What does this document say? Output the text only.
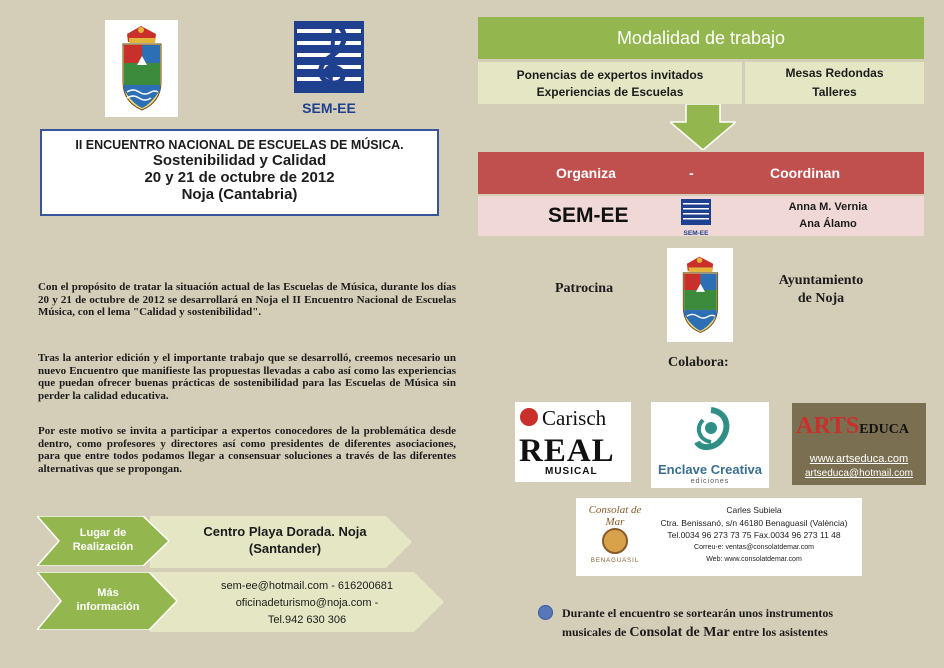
SEM-EE
II ENCUENTRO NACIONAL DE ESCUELAS DE MÚSICA.
Sostenibilidad y Calidad
20 y 21 de octubre de 2012
Noja (Cantabria)
Con el propósito de tratar la situación actual de las Escuelas de Música, durante los días 20 y 21 de octubre de 2012 se desarrollará en Noja el II Encuentro Nacional de Escuelas Música, con el lema "Calidad y sostenibilidad".
Tras la anterior edición y el importante trabajo que se desarrolló, creemos necesario un nuevo Encuentro que manifieste las propuestas llevadas a cabo así como las experiencias que puedan ofrecer buenas prácticas de sostenibilidad para las Escuelas de Música sin perder la calidad educativa.
Por este motivo se invita a participar a expertos conocedores de la problemática desde dentro, como profesores y directores así como presidentes de diferentes asociaciones, para que entre todos podamos llegar a consensuar soluciones a través de las diferentes alternativas que se propongan.
Lugar de
Realización
Centro Playa Dorada. Noja
(Santander)
Más
información
sem-ee@hotmail.com - 616200681
oficinadeturismo@noja.com -
Tel.942 630 306
Modalidad de trabajo
Ponencias de expertos invitados
Experiencias de Escuelas
Mesas Redondas
Talleres
Organiza	-	Coordinan
SEM-EE
SEM-EE
Anna M. Vernia
Ana Álamo
Patrocina
Ayuntamiento
de Noja
Colabora:
Carisch
REAL
MUSICAL	Enclave Creativa
ediciones
ARTSEDUCA
www.artseduca.com
artseduca@hotmail.com
Consolat de Mar
BENAGUASIL
Carles Subiela
Ctra. Benissanó, s/n 46180 Benaguasil (València)
Tel.0034 96 273 73 75 Fax.0034 96 273 11 48
Correu-e: ventas@consolatdemar.com
Web: www.consolatdemar.com
Durante el encuentro se sortearán unos instrumentos
musicales de Consolat de Mar entre los asistentes
